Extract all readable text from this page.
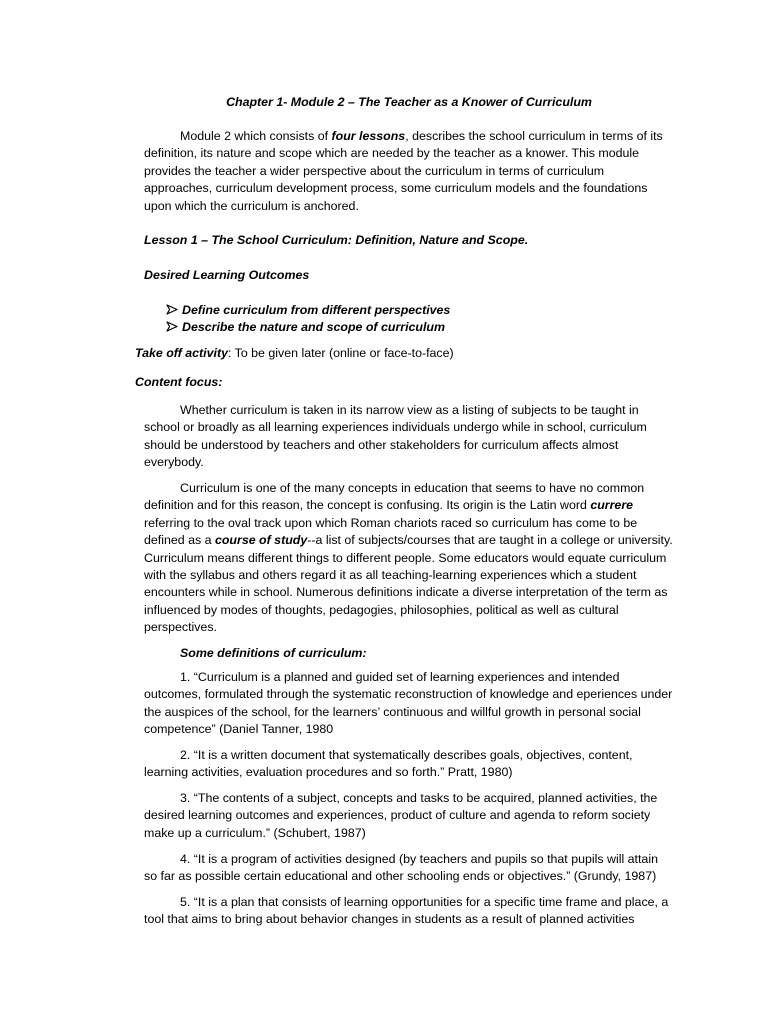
Chapter 1- Module 2 – The Teacher as a Knower of Curriculum

Module 2 which consists of four lessons, describes the school curriculum in terms of its definition, its nature and scope which are needed by the teacher as a knower. This module provides the teacher a wider perspective about the curriculum in terms of curriculum approaches, curriculum development process, some curriculum models and the foundations upon which the curriculum is anchored.

Lesson 1 – The School Curriculum: Definition, Nature and Scope.

Desired Learning Outcomes

Define curriculum from different perspectives

Describe the nature and scope of curriculum

Take off activity: To be given later (online or face-to-face)

Content focus:

Whether curriculum is taken in its narrow view as a listing of subjects to be taught in school or broadly as all learning experiences individuals undergo while in school, curriculum should be understood by teachers and other stakeholders for curriculum affects almost everybody.

Curriculum is one of the many concepts in education that seems to have no common definition and for this reason, the concept is confusing. Its origin is the Latin word currere referring to the oval track upon which Roman chariots raced so curriculum has come to be defined as a course of study--a list of subjects/courses that are taught in a college or university. Curriculum means different things to different people. Some educators would equate curriculum with the syllabus and others regard it as all teaching-learning experiences which a student encounters while in school. Numerous definitions indicate a diverse interpretation of the term as influenced by modes of thoughts, pedagogies, philosophies, political as well as cultural perspectives.

Some definitions of curriculum:

1. “Curriculum is a planned and guided set of learning experiences and intended outcomes, formulated through the systematic reconstruction of knowledge and eperiences under the auspices of the school, for the learners’ continuous and willful growth in personal social competence” (Daniel Tanner, 1980

2. “It is a written document that systematically describes goals, objectives, content, learning activities, evaluation procedures and so forth.” Pratt, 1980)

3. “The contents of a subject, concepts and tasks to be acquired, planned activities, the desired learning outcomes and experiences, product of culture and agenda to reform society make up a curriculum.” (Schubert, 1987)

4. “It is a program of activities designed (by teachers and pupils so that pupils will attain so far as possible certain educational and other schooling ends or objectives.” (Grundy, 1987)

5. “It is a plan that consists of learning opportunities for a specific time frame and place, a tool that aims to bring about behavior changes in students as a result of planned activities
